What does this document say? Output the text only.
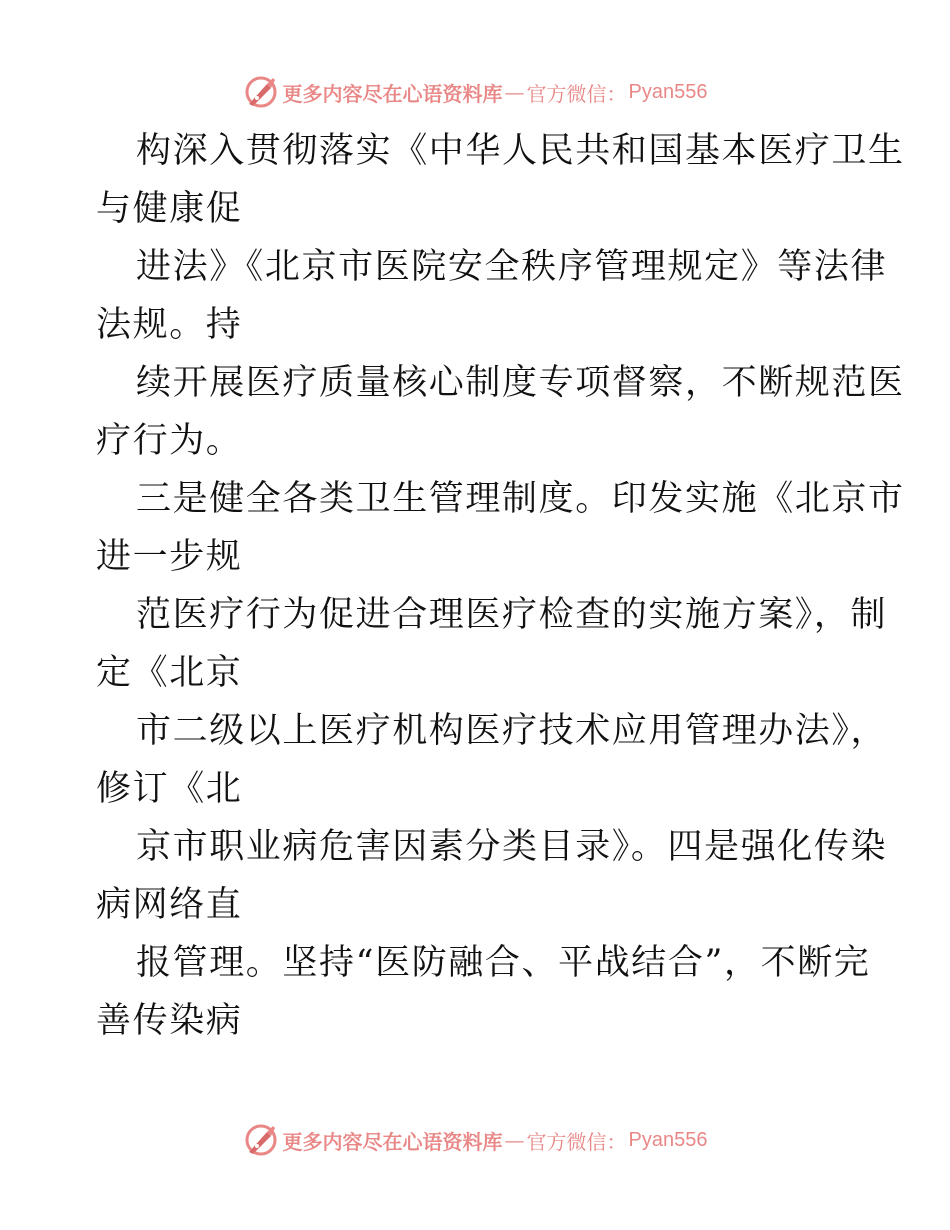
更多内容尽在心语资料库 — 官方微信： Pyan556
构深入贯彻落实《中华人民共和国基本医疗卫生
与健康促
进法》《北京市医院安全秩序管理规定》等法律
法规。持
续开展医疗质量核心制度专项督察，不断规范医
疗行为。
三是健全各类卫生管理制度。印发实施《北京市
进一步规
范医疗行为促进合理医疗检查的实施方案》，制
定《北京
市二级以上医疗机构医疗技术应用管理办法》，
修订《北
京市职业病危害因素分类目录》。四是强化传染
病网络直
报管理。坚持“医防融合、平战结合”，不断完
善传染病
更多内容尽在心语资料库 — 官方微信： Pyan556
